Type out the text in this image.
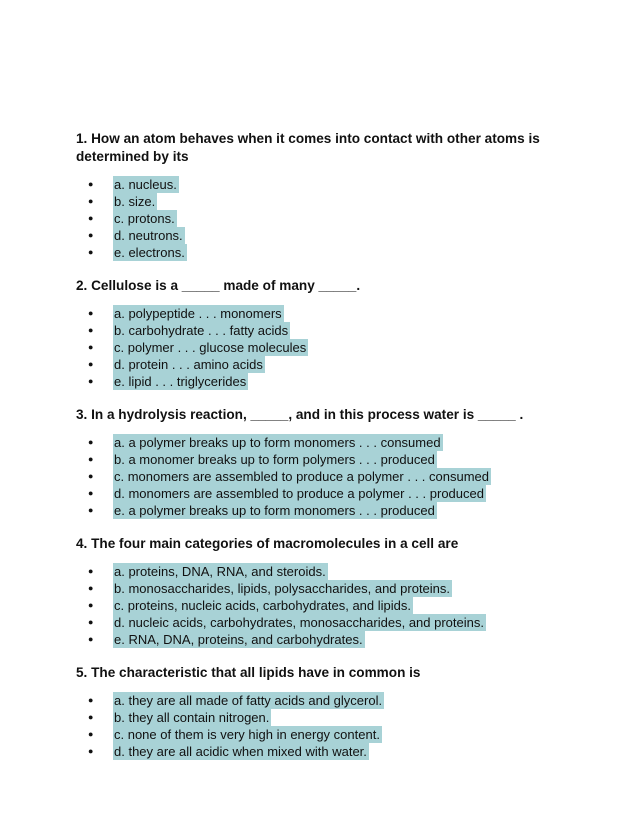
1. How an atom behaves when it comes into contact with other atoms is determined by its

●	a. nucleus.
●	b. size.
●	c. protons.
●	d. neutrons.
●	e. electrons.

2. Cellulose is a _____ made of many _____.

●	a. polypeptide . . . monomers
●	b. carbohydrate . . . fatty acids
●	c. polymer . . . glucose molecules
●	d. protein . . . amino acids
●	e. lipid . . . triglycerides

3. In a hydrolysis reaction, _____, and in this process water is _____ .

●	a. a polymer breaks up to form monomers . . . consumed
●	b. a monomer breaks up to form polymers . . . produced
●	c. monomers are assembled to produce a polymer . . . consumed
●	d. monomers are assembled to produce a polymer . . . produced
●	e. a polymer breaks up to form monomers . . . produced

4. The four main categories of macromolecules in a cell are

●	a. proteins, DNA, RNA, and steroids.
●	b. monosaccharides, lipids, polysaccharides, and proteins.
●	c. proteins, nucleic acids, carbohydrates, and lipids.
●	d. nucleic acids, carbohydrates, monosaccharides, and proteins.
●	e. RNA, DNA, proteins, and carbohydrates.

5. The characteristic that all lipids have in common is

●	a. they are all made of fatty acids and glycerol.
●	b. they all contain nitrogen.
●	c. none of them is very high in energy content.
●	d. they are all acidic when mixed with water.
